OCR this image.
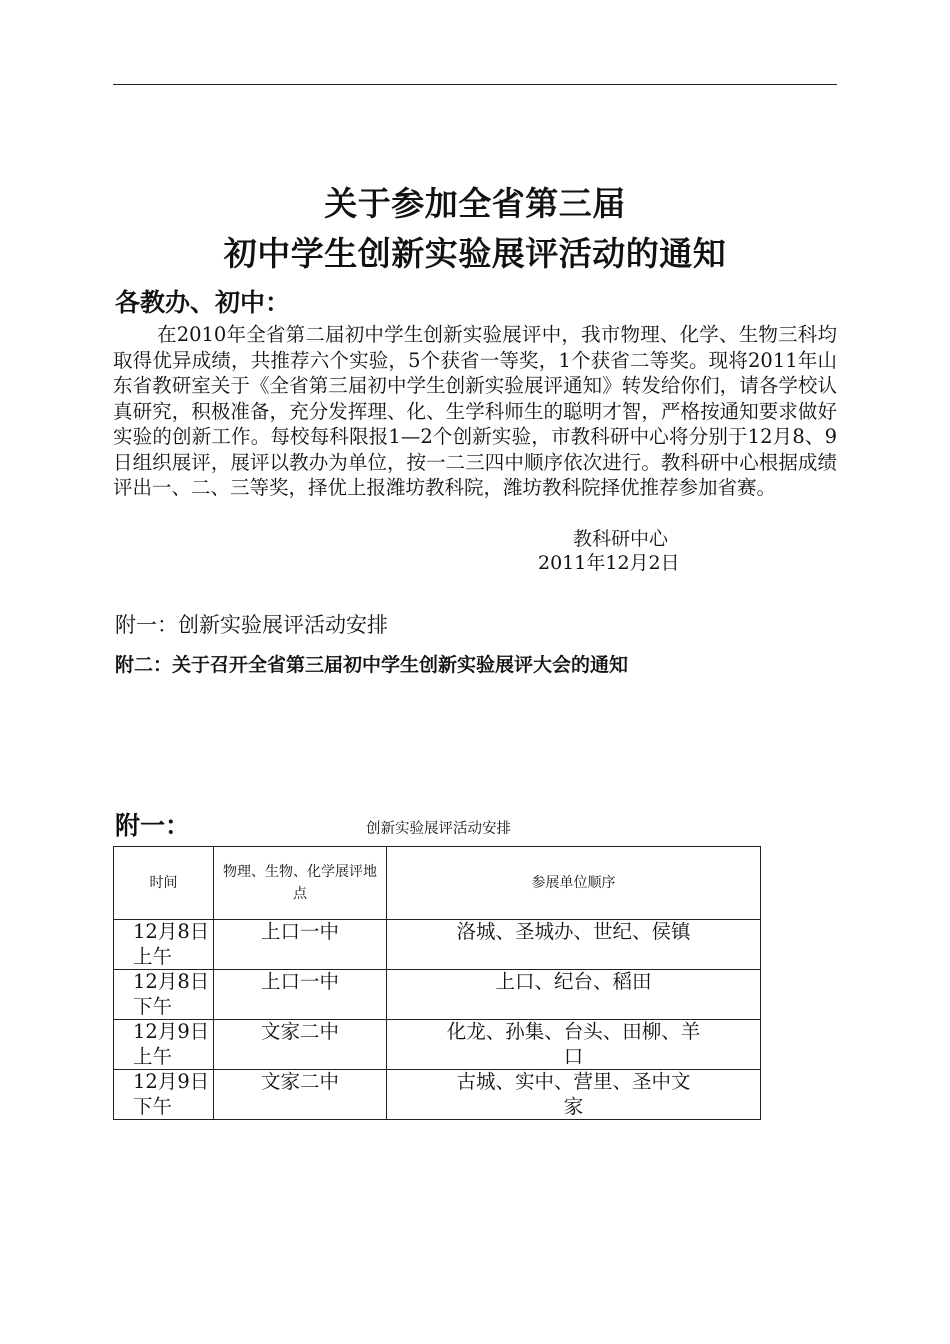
关于参加全省第三届
初中学生创新实验展评活动的通知
各教办、初中：
在2010年全省第二届初中学生创新实验展评中，我市物理、化学、生物三科均取得优异成绩，共推荐六个实验，5个获省一等奖，1个获省二等奖。现将2011年山东省教研室关于《全省第三届初中学生创新实验展评通知》转发给你们，请各学校认真研究，积极准备，充分发挥理、化、生学科师生的聪明才智，严格按通知要求做好实验的创新工作。每校每科限报1—2个创新实验，市教科研中心将分别于12月8、9日组织展评，展评以教办为单位，按一二三四中顺序依次进行。教科研中心根据成绩评出一、二、三等奖，择优上报潍坊教科院，潍坊教科院择优推荐参加省赛。
教科研中心
2011年12月2日
附一：创新实验展评活动安排
附二：关于召开全省第三届初中学生创新实验展评大会的通知
附一：	创新实验展评活动安排
时间	物理、生物、化学展评地点	参展单位顺序
12月8日上午	上口一中	洛城、圣城办、世纪、侯镇
12月8日下午	上口一中	上口、纪台、稻田
12月9日上午	文家二中	化龙、孙集、台头、田柳、羊口
12月9日下午	文家二中	古城、实中、营里、圣中文家
